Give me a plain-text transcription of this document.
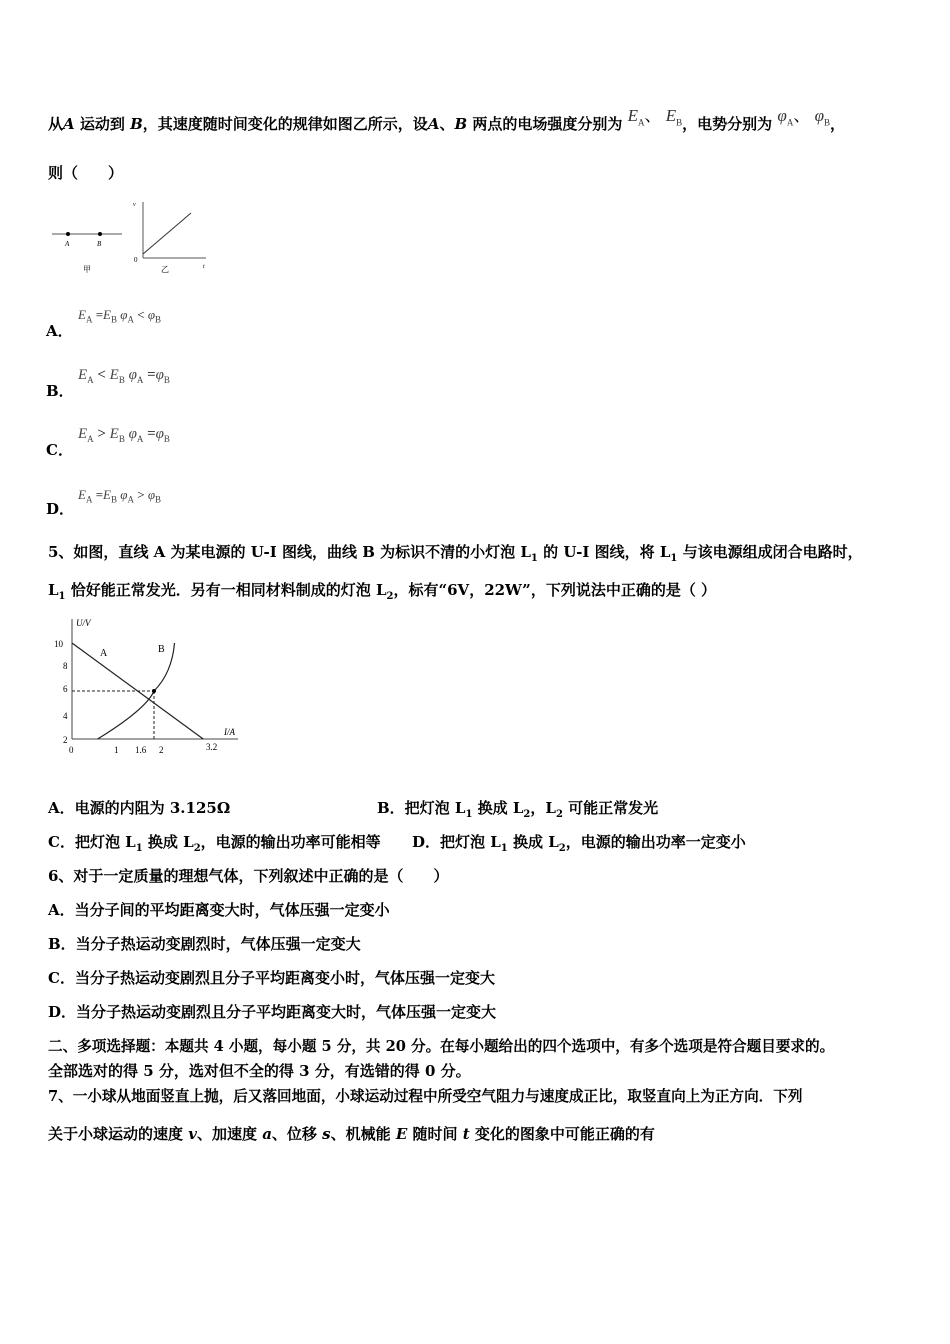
从A 运动到 B，其速度随时间变化的规律如图乙所示，设A、B 两点的电场强度分别为 $E_A$、 $E_B$，电势分别为 $\varphi_A$、 $\varphi_B$，
则（　　）
A	B
甲
v
t
0
乙
A．
$E_A =E_B$ $\varphi_A < \varphi_B$
B．
$E_A < E_B$ $\varphi_A =\varphi_B$
C．
$E_A > E_B$ $\varphi_A =\varphi_B$
D．
$E_A =E_B$ $\varphi_A > \varphi_B$
5、如图，直线 A 为某电源的 U-I 图线，曲线 B 为标识不清的小灯泡 $L_1$ 的 U-I 图线，将 $L_1$ 与该电源组成闭合电路时，
$L_1$ 恰好能正常发光．另有一相同材料制成的灯泡 $L_2$，标有“6V，22W”，下列说法中正确的是（ ）
U/V
I/A
A	B
10
8
6
4
2
0	1 1.6 2	3.2
A．电源的内阻为 3.125Ω	B．把灯泡 $L_1$ 换成 $L_2$，$L_2$ 可能正常发光
C．把灯泡 $L_1$ 换成 $L_2$，电源的输出功率可能相等 D．把灯泡 $L_1$ 换成 $L_2$，电源的输出功率一定变小
6、对于一定质量的理想气体，下列叙述中正确的是（　　）
A．当分子间的平均距离变大时，气体压强一定变小
B．当分子热运动变剧烈时，气体压强一定变大
C．当分子热运动变剧烈且分子平均距离变小时，气体压强一定变大
D．当分子热运动变剧烈且分子平均距离变大时，气体压强一定变大
二、多项选择题：本题共 4 小题，每小题 5 分，共 20 分。在每小题给出的四个选项中，有多个选项是符合题目要求的。
全部选对的得 5 分，选对但不全的得 3 分，有选错的得 0 分。
7、一小球从地面竖直上抛，后又落回地面，小球运动过程中所受空气阻力与速度成正比，取竖直向上为正方向．下列
关于小球运动的速度 v、加速度 a、位移 s、机械能 E 随时间 t 变化的图象中可能正确的有
